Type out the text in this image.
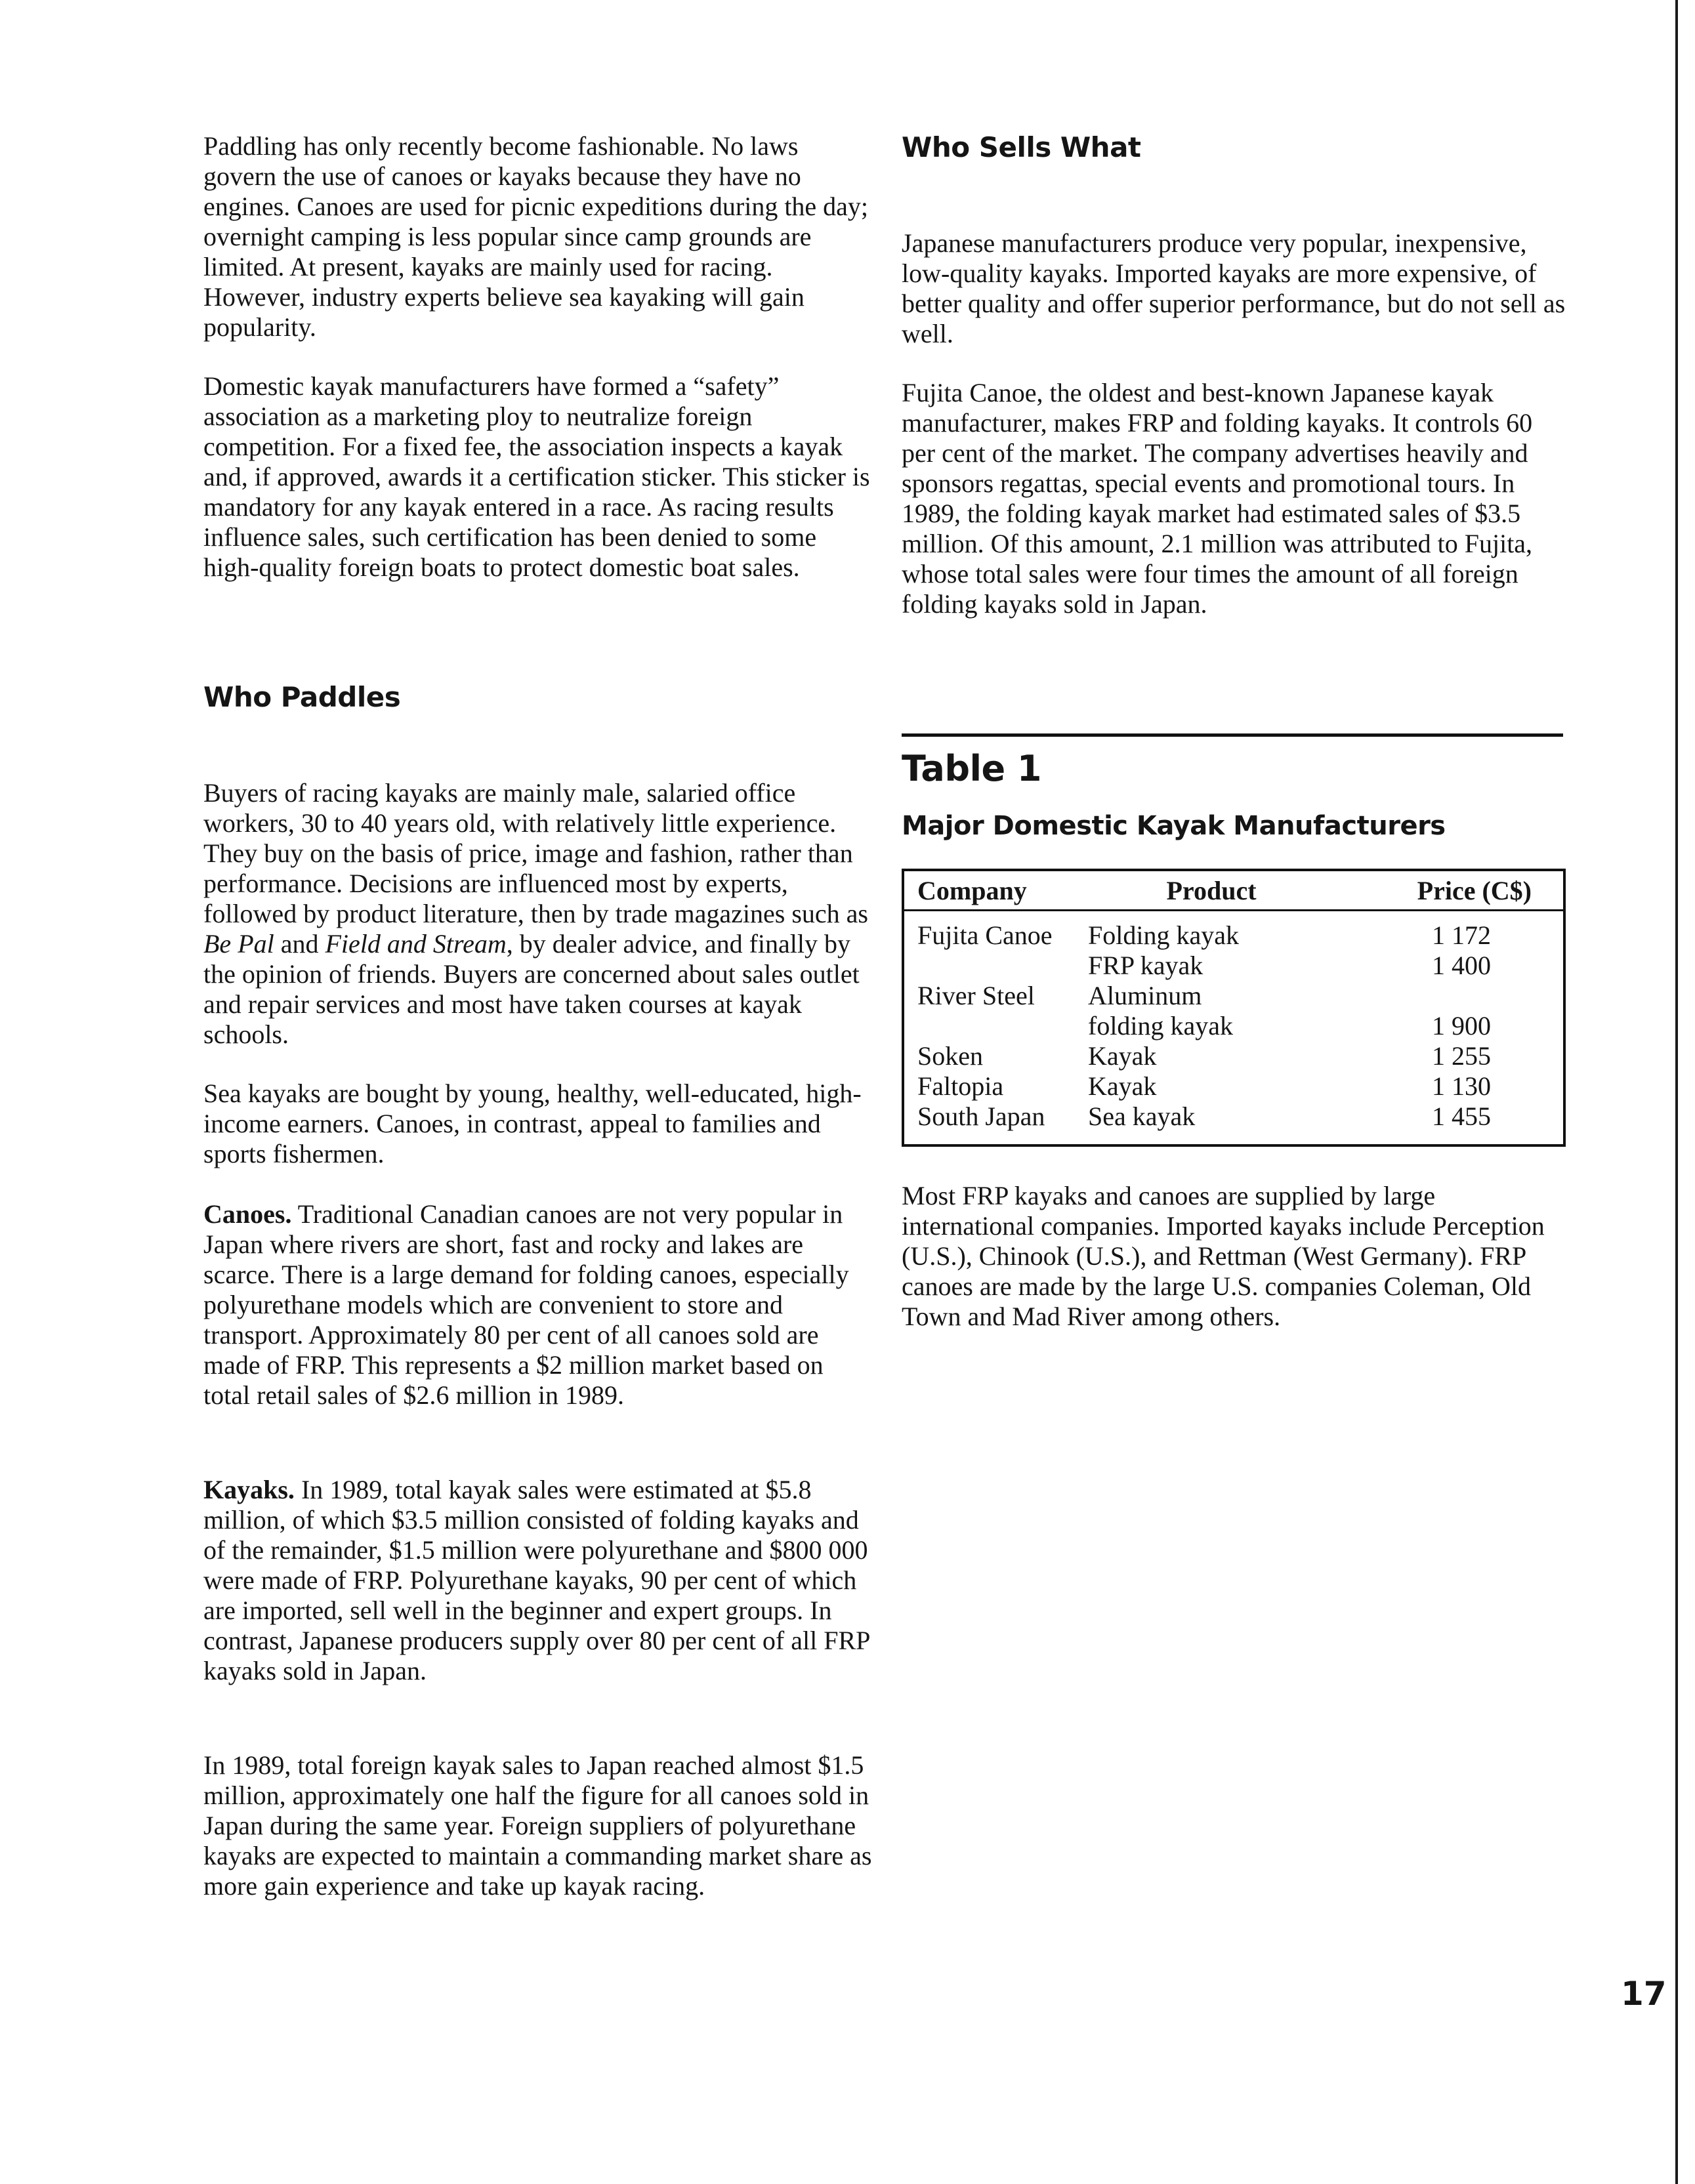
Paddling has only recently become fashionable. No laws govern the use of canoes or kayaks because they have no engines. Canoes are used for picnic expeditions during the day; overnight camping is less popular since camp grounds are limited. At present, kayaks are mainly used for racing. However, industry experts believe sea kayaking will gain popularity.

Domestic kayak manufacturers have formed a “safety” association as a marketing ploy to neutralize foreign competition. For a fixed fee, the association inspects a kayak and, if approved, awards it a certification sticker. This sticker is mandatory for any kayak entered in a race. As racing results influence sales, such certification has been denied to some high-quality foreign boats to protect domestic boat sales.

Who Paddles

Buyers of racing kayaks are mainly male, salaried office workers, 30 to 40 years old, with relatively little experience. They buy on the basis of price, image and fashion, rather than performance. Decisions are influenced most by experts, followed by product literature, then by trade magazines such as Be Pal and Field and Stream, by dealer advice, and finally by the opinion of friends. Buyers are concerned about sales outlet and repair services and most have taken courses at kayak schools.

Sea kayaks are bought by young, healthy, well-educated, high-income earners. Canoes, in contrast, appeal to families and sports fishermen.

Canoes. Traditional Canadian canoes are not very popular in Japan where rivers are short, fast and rocky and lakes are scarce. There is a large demand for folding canoes, especially polyurethane models which are convenient to store and transport. Approximately 80 per cent of all canoes sold are made of FRP. This represents a $2 million market based on total retail sales of $2.6 million in 1989.

Kayaks. In 1989, total kayak sales were estimated at $5.8 million, of which $3.5 million consisted of folding kayaks and of the remainder, $1.5 million were polyurethane and $800 000 were made of FRP. Polyurethane kayaks, 90 per cent of which are imported, sell well in the beginner and expert groups. In contrast, Japanese producers supply over 80 per cent of all FRP kayaks sold in Japan.

In 1989, total foreign kayak sales to Japan reached almost $1.5 million, approximately one half the figure for all canoes sold in Japan during the same year. Foreign suppliers of polyurethane kayaks are expected to maintain a commanding market share as more gain experience and take up kayak racing.

Who Sells What

Japanese manufacturers produce very popular, inexpensive, low-quality kayaks. Imported kayaks are more expensive, of better quality and offer superior performance, but do not sell as well.

Fujita Canoe, the oldest and best-known Japanese kayak manufacturer, makes FRP and folding kayaks. It controls 60 per cent of the market. The company advertises heavily and sponsors regattas, special events and promotional tours. In 1989, the folding kayak market had estimated sales of $3.5 million. Of this amount, 2.1 million was attributed to Fujita, whose total sales were four times the amount of all foreign folding kayaks sold in Japan.

Table 1
Major Domestic Kayak Manufacturers
Company	Product	Price (C$)
Fujita Canoe	Folding kayak	1 172
	FRP kayak	1 400
River Steel	Aluminum	
	folding kayak	1 900
Soken	Kayak	1 255
Faltopia	Kayak	1 130
South Japan	Sea kayak	1 455

Most FRP kayaks and canoes are supplied by large international companies. Imported kayaks include Perception (U.S.), Chinook (U.S.), and Rettman (West Germany). FRP canoes are made by the large U.S. companies Coleman, Old Town and Mad River among others.

17
